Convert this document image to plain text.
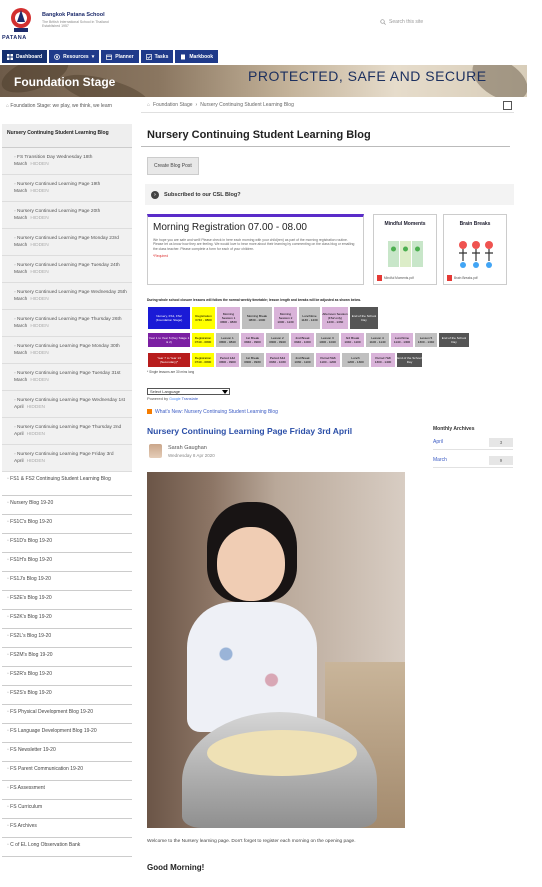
PATANA
Bangkok Patana School
The British International School in Thailand
Established 1957
Search this site
Dashboard	Resources ▾	Planner	Tasks	Markbook
Foundation Stage	PROTECTED, SAFE AND SECURE
⌂ Foundation Stage: we play, we think, we learn
Nursery Continuing Student Learning Blog
▫ FS Transition Day Wednesday 18th March HIDDEN
▫ Nursery Continued Learning Page 19th March HIDDEN
▫ Nursery Continued Learning Page 20th March HIDDEN
▫ Nursery Continued Learning Page Monday 23rd March HIDDEN
▫ Nursery Continued Learning Page Tuesday 24th March HIDDEN
▫ Nursery Continued Learning Page Wednesday 25th March HIDDEN
▫ Nursery Continued Learning Page Thursday 26th March HIDDEN
▫ Nursery Continuing Learning Page Monday 30th March HIDDEN
▫ Nursery Continuing Learning Page Tuesday 31st March HIDDEN
▫ Nursery Continuing Learning Page Wednesday 1st April HIDDEN
▫ Nursery Continuing Learning Page Thursday 2nd April HIDDEN
▫ Nursery Continuing Learning Page Friday 3rd April HIDDEN
▫ FS1 & FS2 Continuing Student Learning Blog
▫ Nursery Blog 19-20
▫ FS1C's Blog 19-20
▫ FS1D's Blog 19-20
▫ FS1H's Blog 19-20
▫ FS1J's Blog 19-20
▫ FS2E's Blog 19-20
▫ FS2K's Blog 19-20
▫ FS2L's Blog 19-20
▫ FS2M's Blog 19-20
▫ FS2R's Blog 19-20
▫ FS2S's Blog 19-20
▫ FS Physical Development Blog 19-20
▫ FS Language Development Blog 19-20
▫ FS Newsletter 19-20
▫ FS Parent Communication 19-20
▫ FS Assessment
▫ FS Curriculum
▫ FS Archives
▫ C of EL Long Observation Bank
⌂ Foundation Stage › Nursery Continuing Student Learning Blog
Nursery Continuing Student Learning Blog
Create Blog Post
›	Subscribed to our CSL Blog?
Morning Registration 07.00 - 08.00

We hope you are safe and well! Please check in here each morning with your child(ren) as part of the morning registration routine. Please let us know how they are feeling. We would love to hear more about their learning by commenting on the class blog or emailing the class teacher. Please complete a form for each of your children.

*Required
Mindful Moments
Mindful Moments.pdf
Brain Breaks
Brain Breaks.pdf
During whole school closure lessons will follow the normal weekly timetable; lesson length and breaks will be adjusted as shown below.
Nursery, FS1, FS2 (Foundation Stage)
Registration
0740 - 0800
Morning Session 1
0800 - 0830
Morning Break
0830 - 1000
Morning Session 2
1000 - 1130
Lunchtime
1130 - 1230
Afternoon Session (FS2 only)
1230 - 1330
End of the School Day
Year 1 to Year 6 (Key Stage 1 & 2)
Registration
0740 - 0800
Lesson 1
0800 - 0840
1st Break
0840 - 0900
Lesson 2
0900 - 0940
2nd Break
0940 - 1000
Lesson 3
1000 - 1040
3rd Break
1040 - 1100
Lesson 4
1100 - 1140
Lunchtime
1140 - 1300
Lesson 5
1300 - 1340
End of the School Day
Year 7 to Year 13 (Secondary)*
Registration
0740 - 0800
Period 1&2
0800 - 0900
1st Break
0900 - 0930
Period 3&4
0930 - 1030
2nd Break
1030 - 1100
Period 5&6
1100 - 1200
Lunch
1200 - 1300
Period 7&8
1300 - 1400
End of the School Day
* Single lessons are 30 mins long
Select Language
Powered by Google Translate
What's New: Nursery Continuing Student Learning Blog
Nursery Continuing Learning Page Friday 3rd April
Sarah Gaughan
Wednesday 8 Apr 2020
Welcome to the Nursery learning page. Don't forget to register each morning on the opening page.
Good Morning!
Monthly Archives
April	3
March	9
